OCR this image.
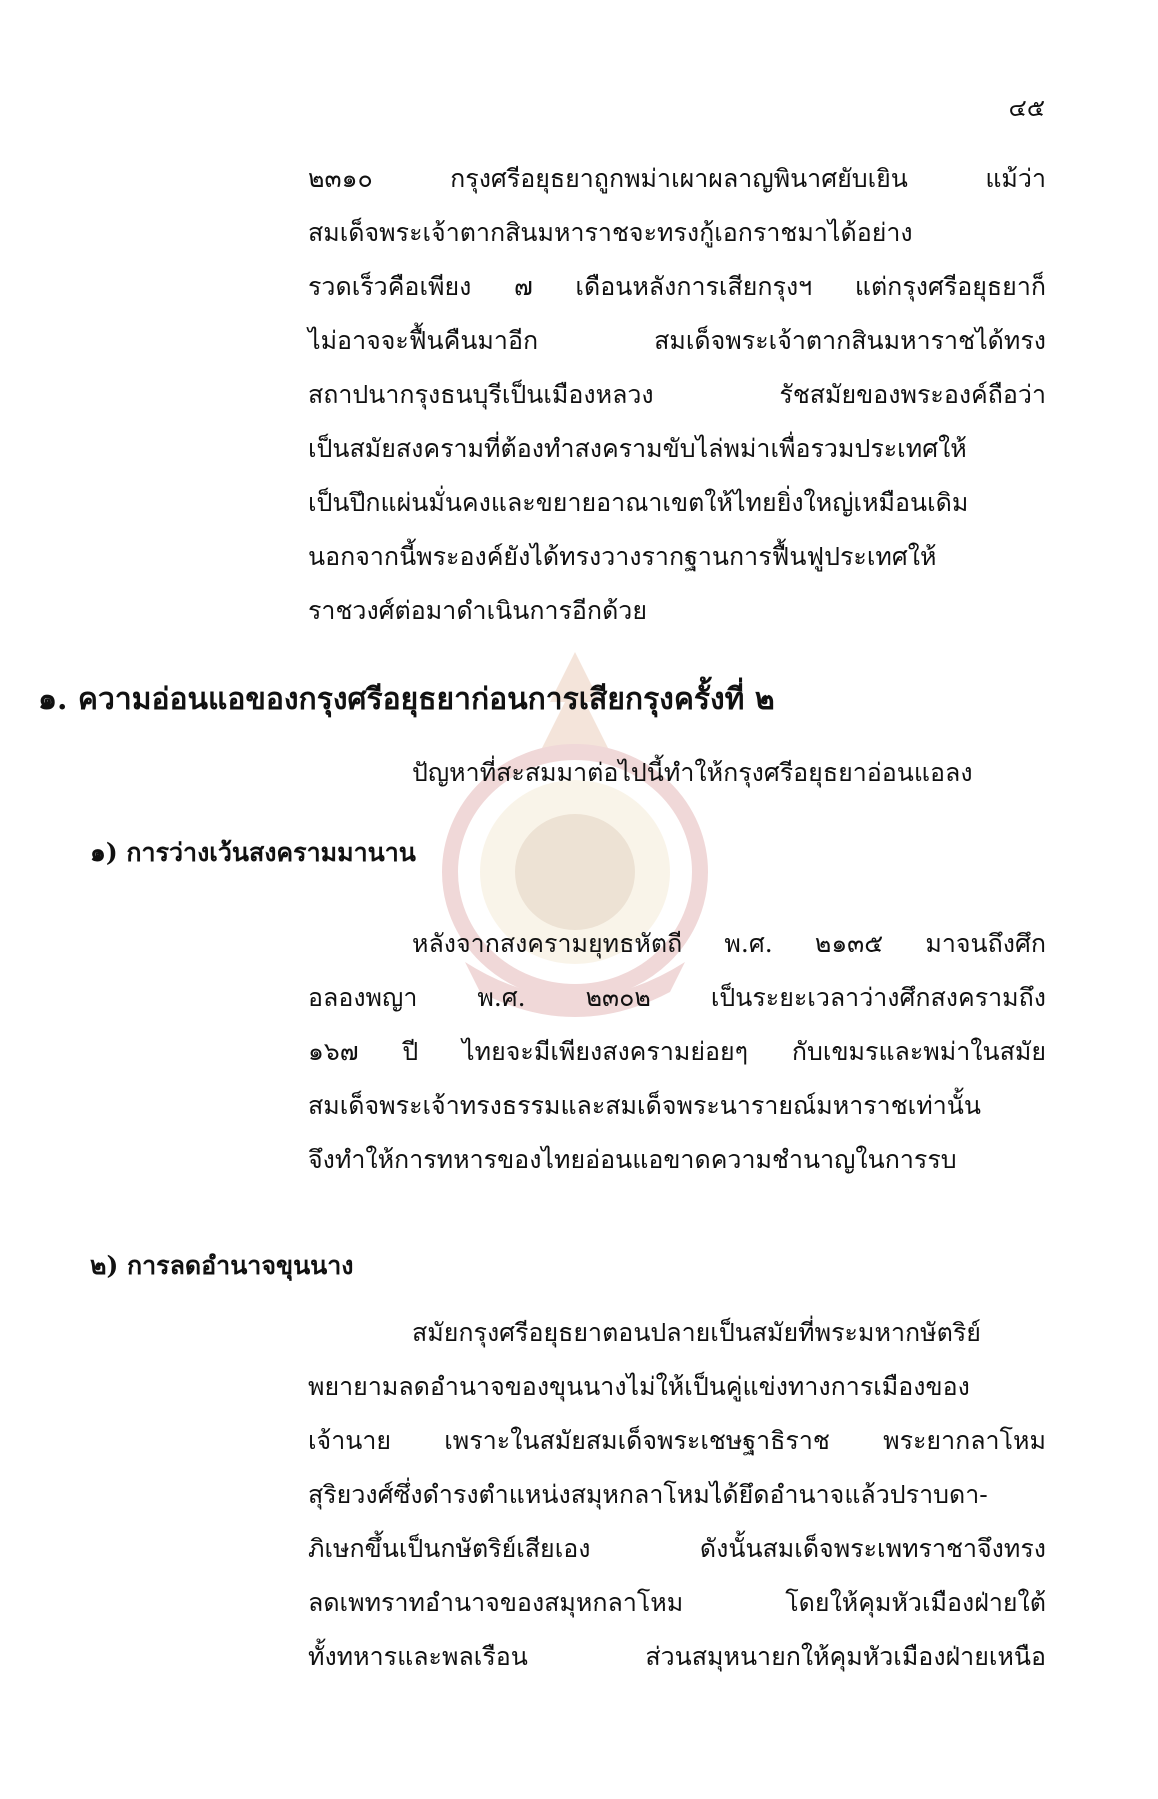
๔๕
๒๓๑๐ กรุงศรีอยุธยาถูกพม่าเผาผลาญพินาศยับเยิน แม้ว่า
สมเด็จพระเจ้าตากสินมหาราชจะทรงกู้เอกราชมาได้อย่าง
รวดเร็วคือเพียง ๗ เดือนหลังการเสียกรุงฯ แต่กรุงศรีอยุธยาก็
ไม่อาจจะฟื้นคืนมาอีก สมเด็จพระเจ้าตากสินมหาราชได้ทรง
สถาปนากรุงธนบุรีเป็นเมืองหลวง รัชสมัยของพระองค์ถือว่า
เป็นสมัยสงครามที่ต้องทำสงครามขับไล่พม่าเพื่อรวมประเทศให้
เป็นปึกแผ่นมั่นคงและขยายอาณาเขตให้ไทยยิ่งใหญ่เหมือนเดิม
นอกจากนี้พระองค์ยังได้ทรงวางรากฐานการฟื้นฟูประเทศให้
ราชวงศ์ต่อมาดำเนินการอีกด้วย
๑. ความอ่อนแอของกรุงศรีอยุธยาก่อนการเสียกรุงครั้งที่ ๒
ปัญหาที่สะสมมาต่อไปนี้ทำให้กรุงศรีอยุธยาอ่อนแอลง
๑) การว่างเว้นสงครามมานาน
หลังจากสงครามยุทธหัตถี พ.ศ. ๒๑๓๕ มาจนถึงศึก
อลองพญา พ.ศ. ๒๓๐๒ เป็นระยะเวลาว่างศึกสงครามถึง
๑๖๗ ปี ไทยจะมีเพียงสงครามย่อยๆ กับเขมรและพม่าในสมัย
สมเด็จพระเจ้าทรงธรรมและสมเด็จพระนารายณ์มหาราชเท่านั้น
จึงทำให้การทหารของไทยอ่อนแอขาดความชำนาญในการรบ
๒) การลดอำนาจขุนนาง
สมัยกรุงศรีอยุธยาตอนปลายเป็นสมัยที่พระมหากษัตริย์
พยายามลดอำนาจของขุนนางไม่ให้เป็นคู่แข่งทางการเมืองของ
เจ้านาย เพราะในสมัยสมเด็จพระเชษฐาธิราช พระยากลาโหม
สุริยวงศ์ซึ่งดำรงตำแหน่งสมุหกลาโหมได้ยึดอำนาจแล้วปราบดา-
ภิเษกขึ้นเป็นกษัตริย์เสียเอง ดังนั้นสมเด็จพระเพทราชาจึงทรง
ลดเพทราทอำนาจของสมุหกลาโหม โดยให้คุมหัวเมืองฝ่ายใต้
ทั้งทหารและพลเรือน ส่วนสมุหนายกให้คุมหัวเมืองฝ่ายเหนือ
